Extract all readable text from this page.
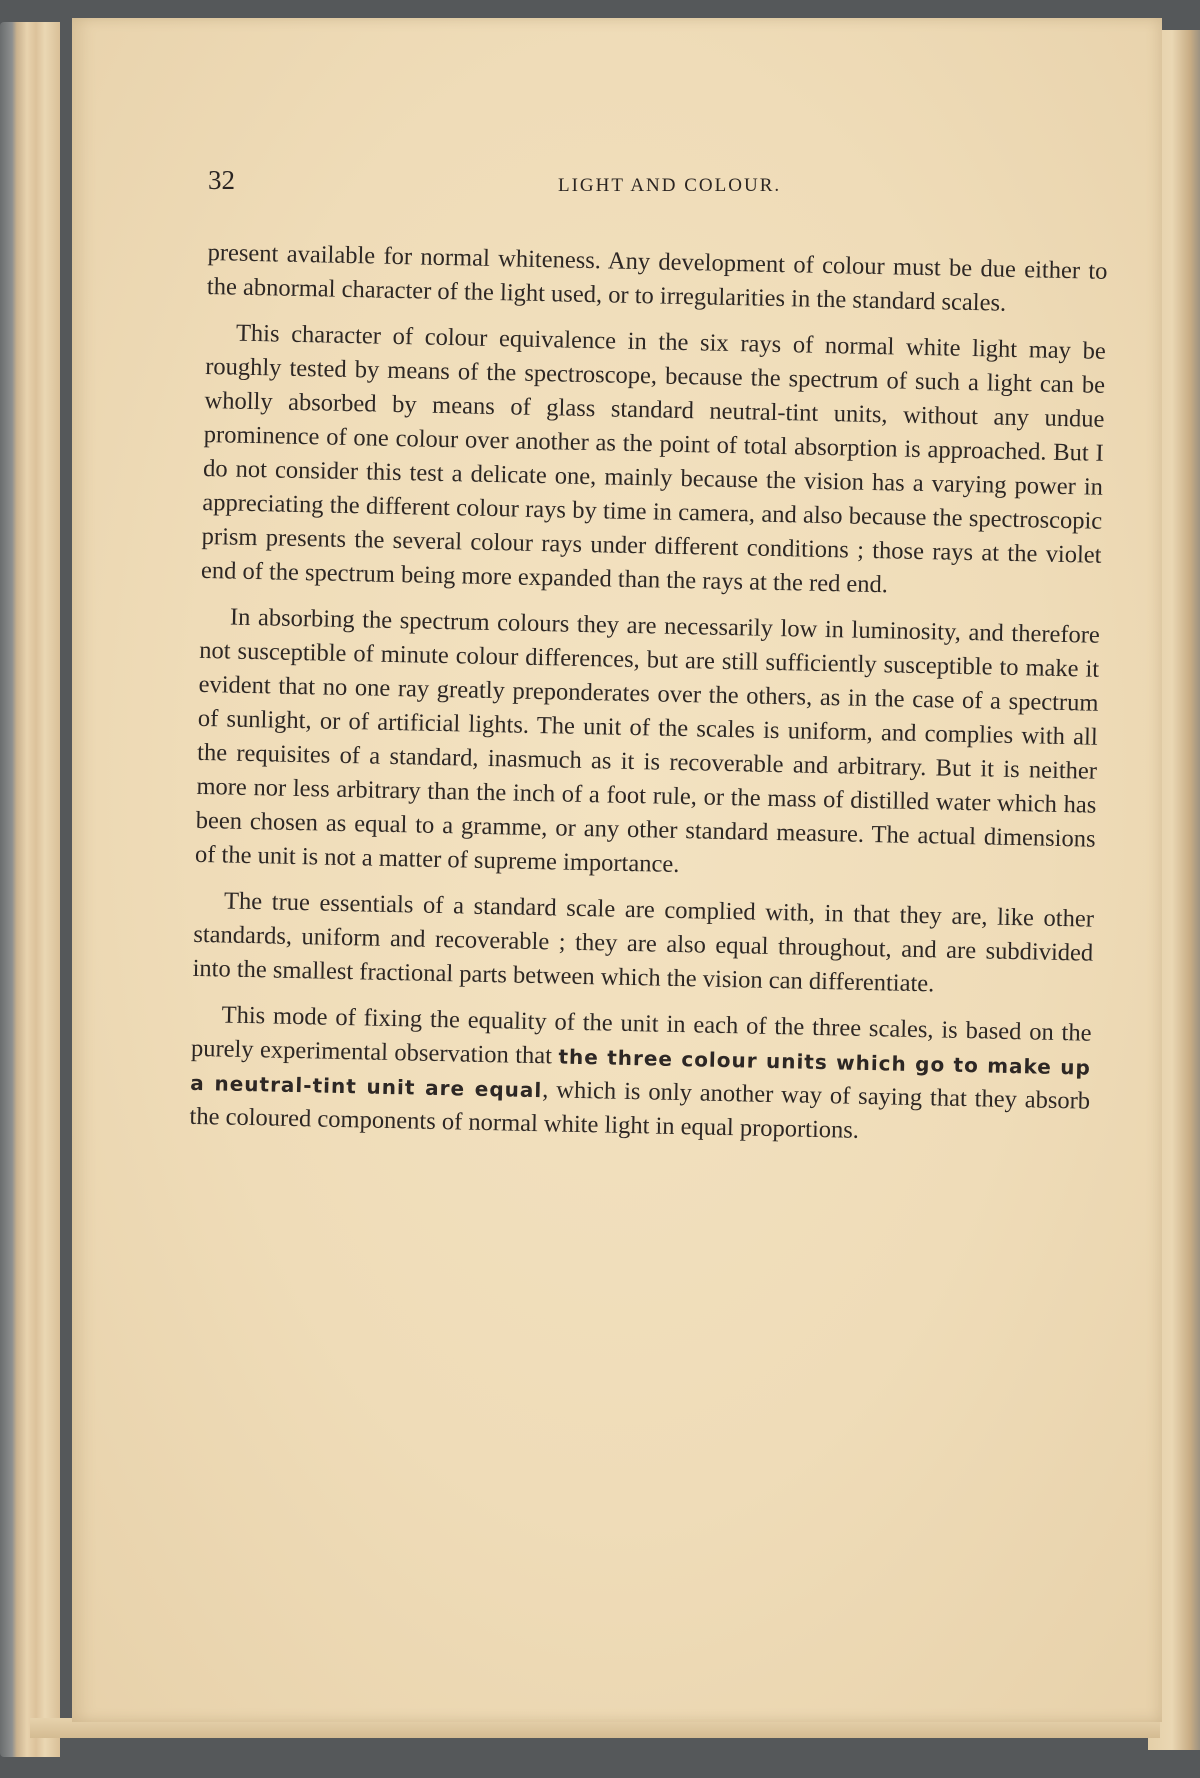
32	LIGHT AND COLOUR.

present available for normal whiteness. Any development of colour must be due either to the abnormal character of the light used, or to irregularities in the standard scales.

This character of colour equivalence in the six rays of normal white light may be roughly tested by means of the spectroscope, because the spectrum of such a light can be wholly absorbed by means of glass standard neutral-tint units, without any undue prominence of one colour over another as the point of total absorption is approached. But I do not consider this test a delicate one, mainly because the vision has a varying power in appreciating the different colour rays by time in camera, and also because the spectroscopic prism presents the several colour rays under different conditions ; those rays at the violet end of the spectrum being more expanded than the rays at the red end.

In absorbing the spectrum colours they are necessarily low in luminosity, and therefore not susceptible of minute colour differences, but are still sufficiently susceptible to make it evident that no one ray greatly preponderates over the others, as in the case of a spectrum of sunlight, or of artificial lights. The unit of the scales is uniform, and complies with all the requisites of a standard, inasmuch as it is recoverable and arbitrary. But it is neither more nor less arbitrary than the inch of a foot rule, or the mass of distilled water which has been chosen as equal to a gramme, or any other standard measure. The actual dimensions of the unit is not a matter of supreme importance.

The true essentials of a standard scale are complied with, in that they are, like other standards, uniform and recoverable ; they are also equal throughout, and are subdivided into the smallest fractional parts between which the vision can differentiate.

This mode of fixing the equality of the unit in each of the three scales, is based on the purely experimental observation that the three colour units which go to make up a neutral-tint unit are equal, which is only another way of saying that they absorb the coloured components of normal white light in equal proportions.
